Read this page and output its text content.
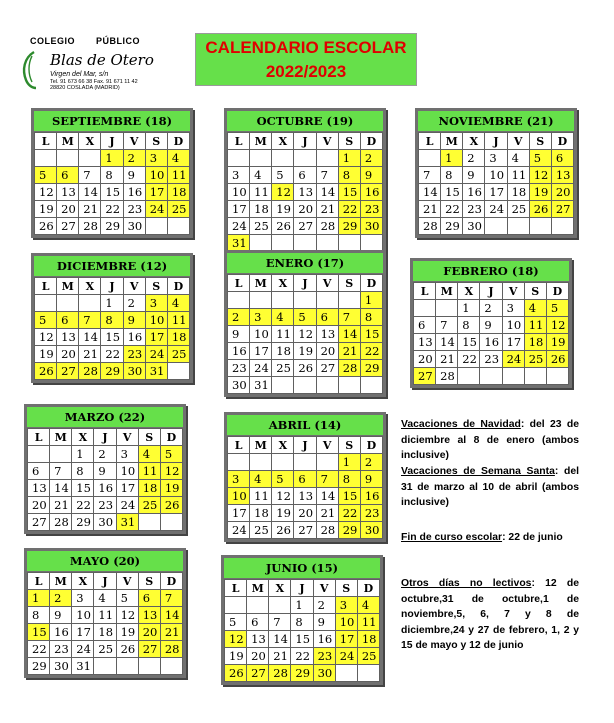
COLEGIO PÚBLICO
Blas de Otero
Virgen del Mar, s/n
Tel. 91 673 66 38 Fax. 91 671 11 42
28820 COSLADA (MADRID)
CALENDARIO ESCOLAR
2022/2023
SEPTIEMBRE (18)
L	M	X	J	V	S	D
			1	2	3	4
5	6	7	8	9	10	11
12	13	14	15	16	17	18
19	20	21	22	23	24	25
26	27	28	29	30		
OCTUBRE (19)
L	M	X	J	V	S	D
					1	2
3	4	5	6	7	8	9
10	11	12	13	14	15	16
17	18	19	20	21	22	23
24	25	26	27	28	29	30
31						
NOVIEMBRE (21)
L	M	X	J	V	S	D
	1	2	3	4	5	6
7	8	9	10	11	12	13
14	15	16	17	18	19	20
21	22	23	24	25	26	27
28	29	30				
DICIEMBRE (12)
L	M	X	J	V	S	D
			1	2	3	4
5	6	7	8	9	10	11
12	13	14	15	16	17	18
19	20	21	22	23	24	25
26	27	28	29	30	31	
ENERO (17)
L	M	X	J	V	S	D
						1
2	3	4	5	6	7	8
9	10	11	12	13	14	15
16	17	18	19	20	21	22
23	24	25	26	27	28	29
30	31					
FEBRERO (18)
L	M	X	J	V	S	D
		1	2	3	4	5
6	7	8	9	10	11	12
13	14	15	16	17	18	19
20	21	22	23	24	25	26
27	28					
MARZO (22)
L	M	X	J	V	S	D
		1	2	3	4	5
6	7	8	9	10	11	12
13	14	15	16	17	18	19
20	21	22	23	24	25	26
27	28	29	30	31		
ABRIL (14)
L	M	X	J	V	S	D
					1	2
3	4	5	6	7	8	9
10	11	12	13	14	15	16
17	18	19	20	21	22	23
24	25	26	27	28	29	30
MAYO (20)
L	M	X	J	V	S	D
1	2	3	4	5	6	7
8	9	10	11	12	13	14
15	16	17	18	19	20	21
22	23	24	25	26	27	28
29	30	31				
JUNIO (15)
L	M	X	J	V	S	D
			1	2	3	4
5	6	7	8	9	10	11
12	13	14	15	16	17	18
19	20	21	22	23	24	25
26	27	28	29	30		
Vacaciones de Navidad: del 23 de diciembre al 8 de enero (ambos inclusive)
Vacaciones de Semana Santa: del 31 de marzo al 10 de abril (ambos inclusive)
Fin de curso escolar: 22 de junio
Otros días no lectivos: 12 de octubre,31 de octubre,1 de noviembre,5, 6, 7 y 8 de diciembre,24 y 27 de febrero, 1, 2 y 15 de mayo y 12 de junio
